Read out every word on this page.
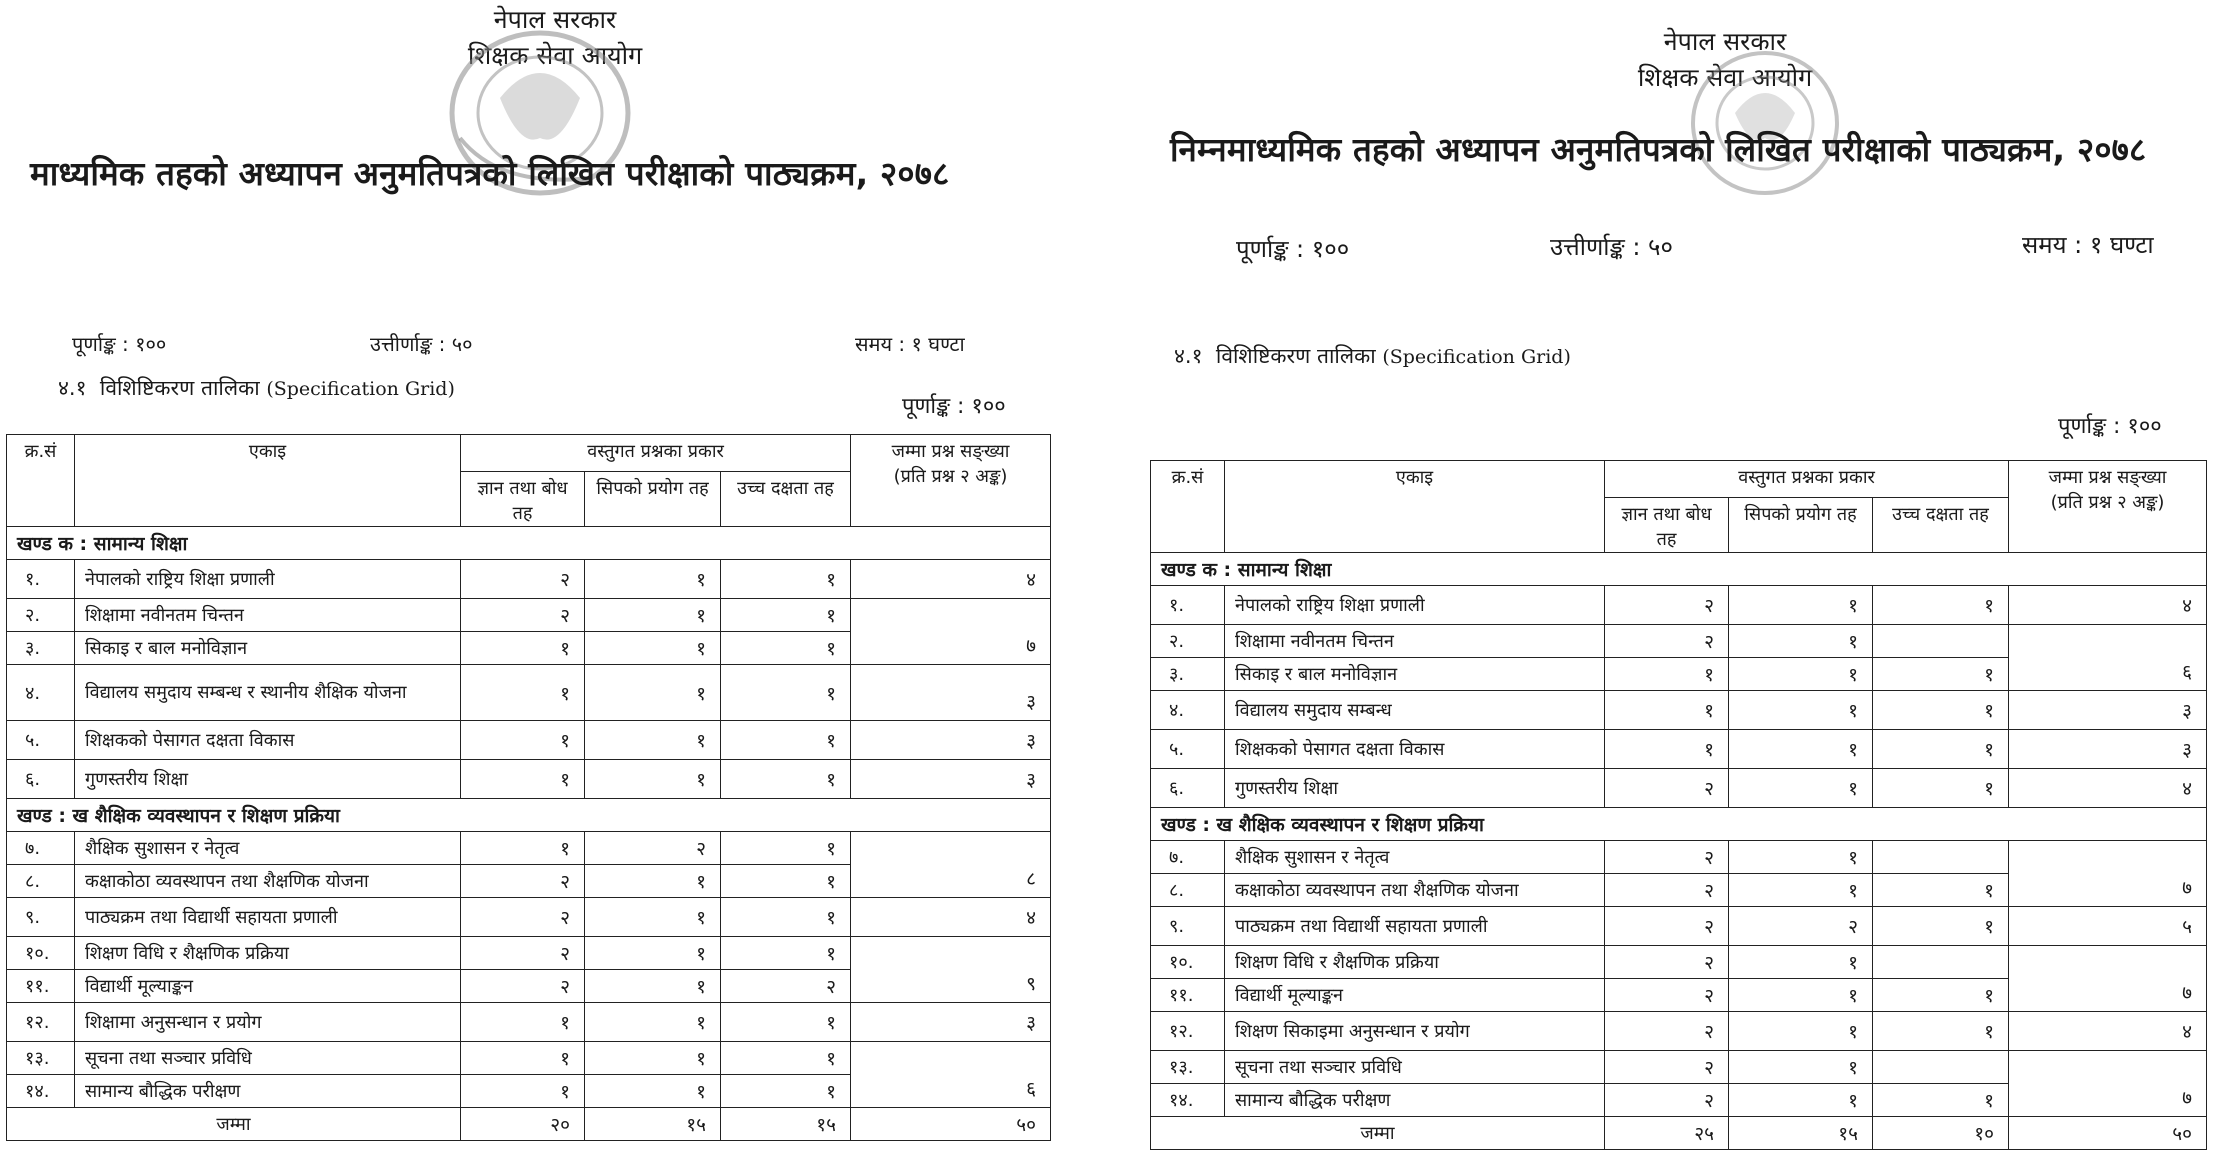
नेपाल सरकार
शिक्षक सेवा आयोग
माध्यमिक तहको अध्यापन अनुमतिपत्रको लिखित परीक्षाको पाठ्यक्रम, २०७८
पूर्णाङ्क : १००	उत्तीर्णाङ्क : ५०	समय : १ घण्टा
४.१ विशिष्टिकरण तालिका (Specification Grid)
पूर्णाङ्क : १००
क्र.सं	एकाइ	वस्तुगत प्रश्नका प्रकार			जम्मा प्रश्न सङ्ख्या
(प्रति प्रश्न २ अङ्क)

		ज्ञान तथा बोध तह	सिपको प्रयोग तह	उच्च दक्षता तह	
खण्ड क : सामान्य शिक्षा					
१.	नेपालको राष्ट्रिय शिक्षा प्रणाली	२	१	१	४
२.	शिक्षामा नवीनतम चिन्तन	२	१	१	७
३.	सिकाइ र बाल मनोविज्ञान	१	१	१	
४.	विद्यालय समुदाय सम्बन्ध र स्थानीय शैक्षिक योजना	१	१	१	३
५.	शिक्षकको पेसागत दक्षता विकास	१	१	१	३
६.	गुणस्तरीय शिक्षा	१	१	१	३
खण्ड : ख शैक्षिक व्यवस्थापन र शिक्षण प्रक्रिया					
७.	शैक्षिक सुशासन र नेतृत्व	१	२	१	८
८.	कक्षाकोठा व्यवस्थापन तथा शैक्षणिक योजना	२	१	१	
९.	पाठ्यक्रम तथा विद्यार्थी सहायता प्रणाली	२	१	१	४
१०.	शिक्षण विधि र शैक्षणिक प्रक्रिया	२	१	१	९
११.	विद्यार्थी मूल्याङ्कन	२	१	२	
१२.	शिक्षामा अनुसन्धान र प्रयोग	१	१	१	३
१३.	सूचना तथा सञ्चार प्रविधि	१	१	१	६
१४.	सामान्य बौद्धिक परीक्षण	१	१	१	
जम्मा		२०	१५	१५	५०
नेपाल सरकार
शिक्षक सेवा आयोग
निम्नमाध्यमिक तहको अध्यापन अनुमतिपत्रको लिखित परीक्षाको पाठ्यक्रम, २०७८
पूर्णाङ्क : १००	उत्तीर्णाङ्क : ५०	समय : १ घण्टा
४.१ विशिष्टिकरण तालिका (Specification Grid)
पूर्णाङ्क : १००
क्र.सं	एकाइ	वस्तुगत प्रश्नका प्रकार			जम्मा प्रश्न सङ्ख्या
(प्रति प्रश्न २ अङ्क)

		ज्ञान तथा बोध तह	सिपको प्रयोग तह	उच्च दक्षता तह	
खण्ड क : सामान्य शिक्षा					
१.	नेपालको राष्ट्रिय शिक्षा प्रणाली	२	१	१	४
२.	शिक्षामा नवीनतम चिन्तन	२	१		६
३.	सिकाइ र बाल मनोविज्ञान	१	१	१	
४.	विद्यालय समुदाय सम्बन्ध	१	१	१	३
५.	शिक्षकको पेसागत दक्षता विकास	१	१	१	३
६.	गुणस्तरीय शिक्षा	२	१	१	४
खण्ड : ख शैक्षिक व्यवस्थापन र शिक्षण प्रक्रिया					
७.	शैक्षिक सुशासन र नेतृत्व	२	१		७
८.	कक्षाकोठा व्यवस्थापन तथा शैक्षणिक योजना	२	१	१	
९.	पाठ्यक्रम तथा विद्यार्थी सहायता प्रणाली	२	२	१	५
१०.	शिक्षण विधि र शैक्षणिक प्रक्रिया	२	१		७
११.	विद्यार्थी मूल्याङ्कन	२	१	१	
१२.	शिक्षण सिकाइमा अनुसन्धान र प्रयोग	२	१	१	४
१३.	सूचना तथा सञ्चार प्रविधि	२	१		७
१४.	सामान्य बौद्धिक परीक्षण	२	१	१	
जम्मा		२५	१५	१०	५०
